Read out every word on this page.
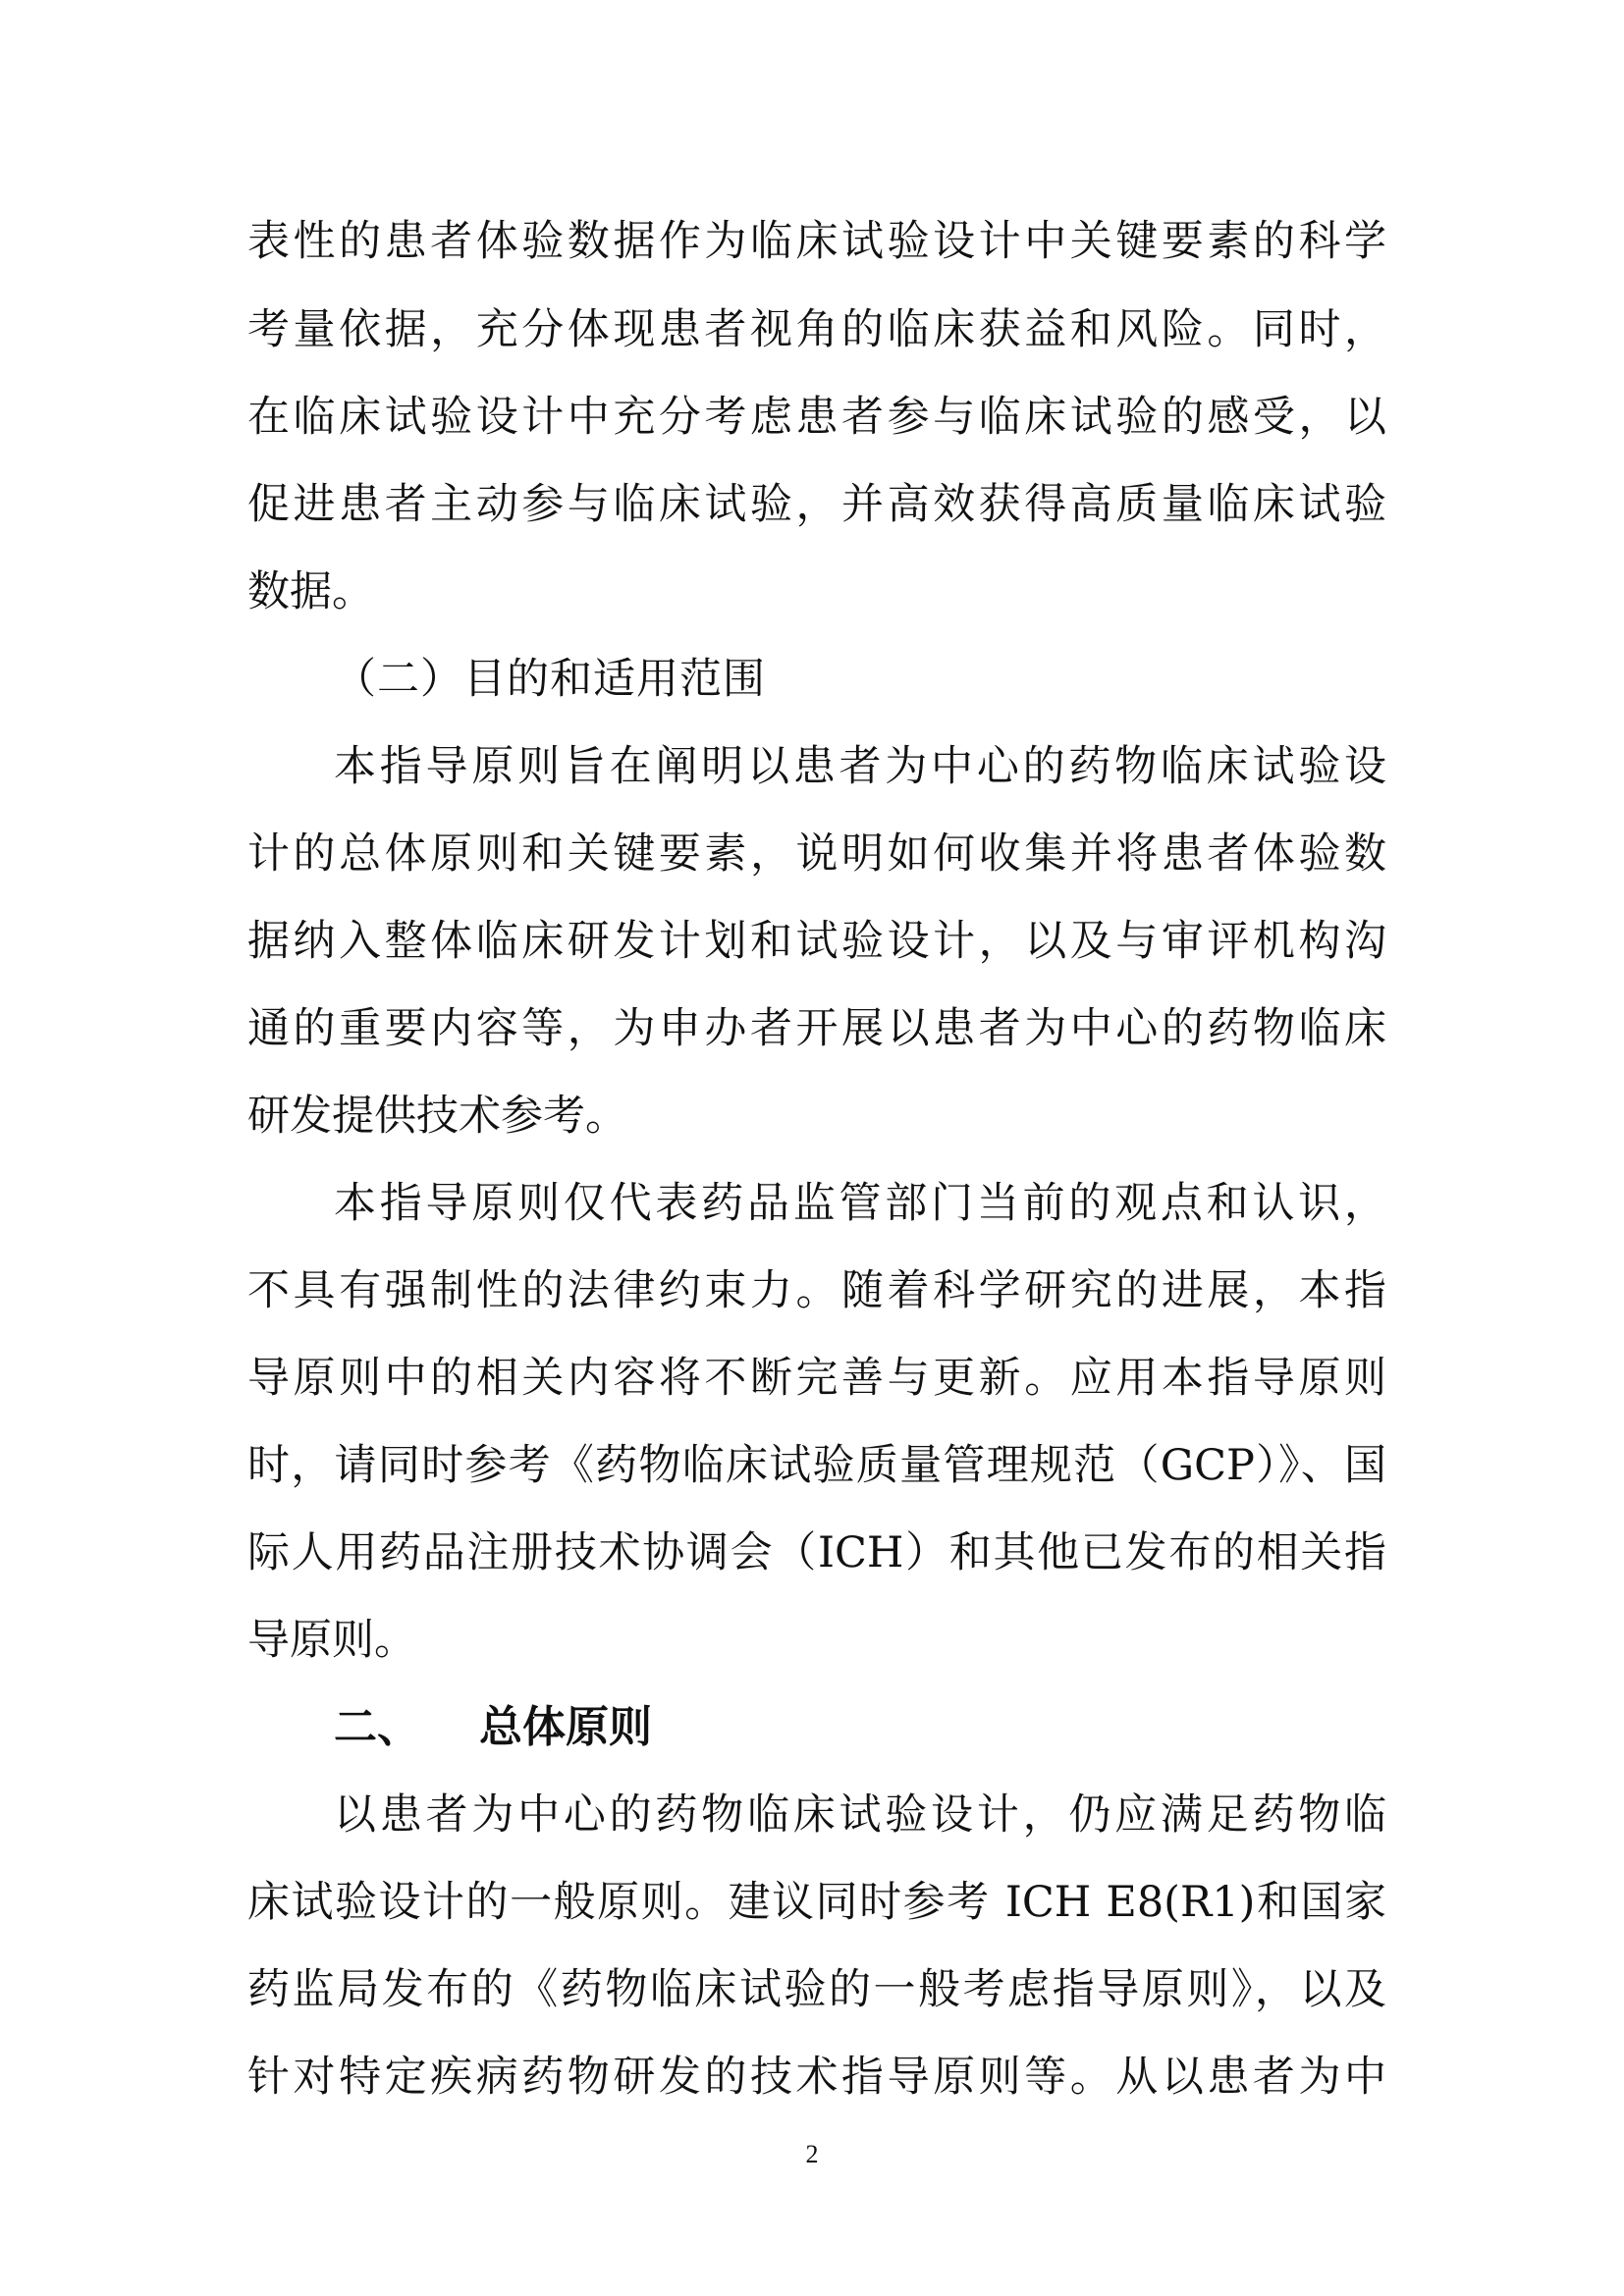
表性的患者体验数据作为临床试验设计中关键要素的科学
考量依据，充分体现患者视角的临床获益和风险。同时，
在临床试验设计中充分考虑患者参与临床试验的感受，以
促进患者主动参与临床试验，并高效获得高质量临床试验
数据。
（二）目的和适用范围
本指导原则旨在阐明以患者为中心的药物临床试验设
计的总体原则和关键要素，说明如何收集并将患者体验数
据纳入整体临床研发计划和试验设计，以及与审评机构沟
通的重要内容等，为申办者开展以患者为中心的药物临床
研发提供技术参考。
本指导原则仅代表药品监管部门当前的观点和认识，
不具有强制性的法律约束力。随着科学研究的进展，本指
导原则中的相关内容将不断完善与更新。应用本指导原则
时，请同时参考《药物临床试验质量管理规范（GCP）》、国
际人用药品注册技术协调会（ICH）和其他已发布的相关指
导原则。
二、 总体原则
以患者为中心的药物临床试验设计，仍应满足药物临
床试验设计的一般原则。建议同时参考 ICH E8(R1)和国家
药监局发布的《药物临床试验的一般考虑指导原则》，以及
针对特定疾病药物研发的技术指导原则等。从以患者为中
2
